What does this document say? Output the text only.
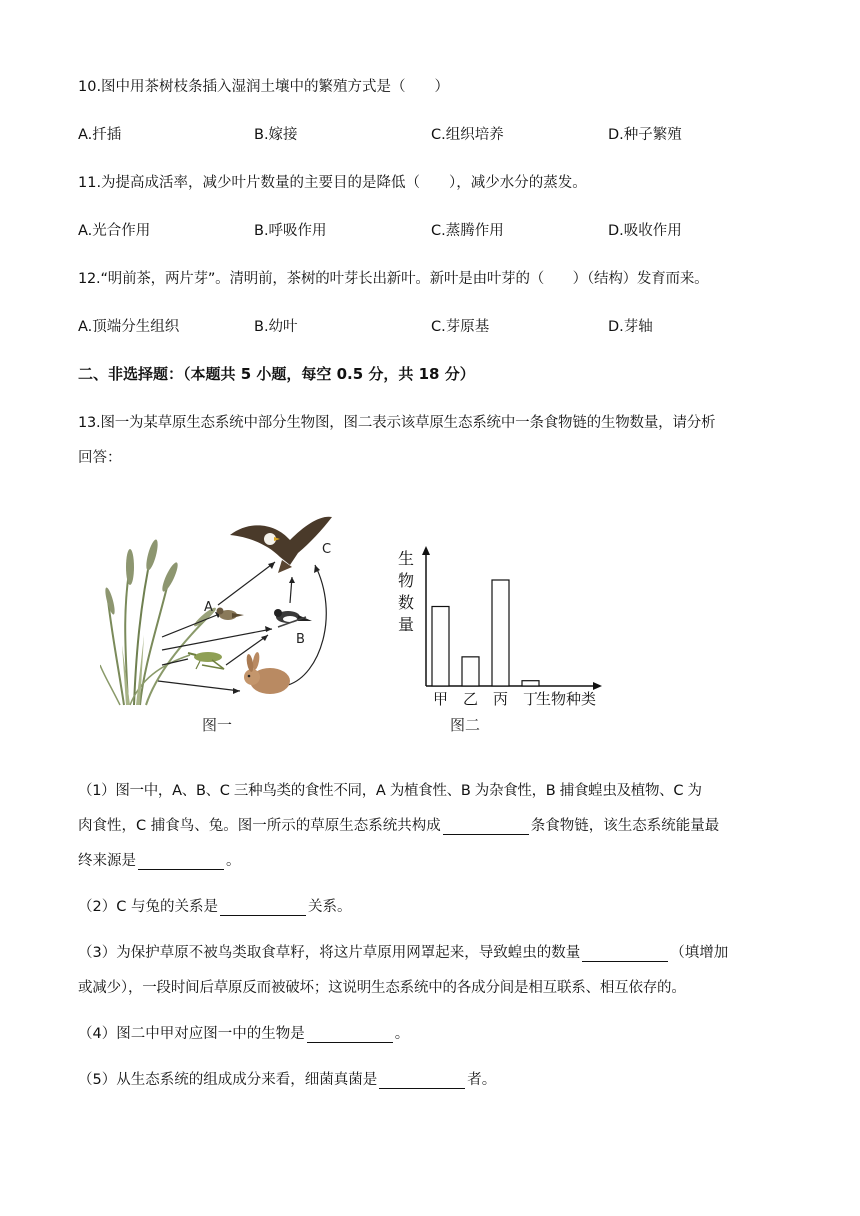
10.图中用茶树枝条插入湿润土壤中的繁殖方式是（　　）
A.扦插	B.嫁接	C.组织培养	D.种子繁殖
11.为提高成活率，减少叶片数量的主要目的是降低（　　），减少水分的蒸发。
A.光合作用	B.呼吸作用	C.蒸腾作用	D.吸收作用
12.“明前茶，两片芽”。清明前，茶树的叶芽长出新叶。新叶是由叶芽的（　　）（结构）发育而来。
A.顶端分生组织	B.幼叶	C.芽原基	D.芽轴
二、非选择题：（本题共 5 小题，每空 0.5 分，共 18 分）
13.图一为某草原生态系统中部分生物图，图二表示该草原生态系统中一条食物链的生物数量，请分析
回答：
A
B
C
图一
生
物
数
量
甲 乙 丙 丁
生物种类
图二
（1）图一中，A、B、C 三种鸟类的食性不同，A 为植食性、B 为杂食性，B 捕食蝗虫及植物、C 为
肉食性，C 捕食鸟、兔。图一所示的草原生态系统共构成	条食物链，该生态系统能量最
终来源是	。
（2）C 与兔的关系是	关系。
（3）为保护草原不被鸟类取食草籽，将这片草原用网罩起来，导致蝗虫的数量	（填增加
或减少），一段时间后草原反而被破坏；这说明生态系统中的各成分间是相互联系、相互依存的。
（4）图二中甲对应图一中的生物是	。
（5）从生态系统的组成成分来看，细菌真菌是	者。
